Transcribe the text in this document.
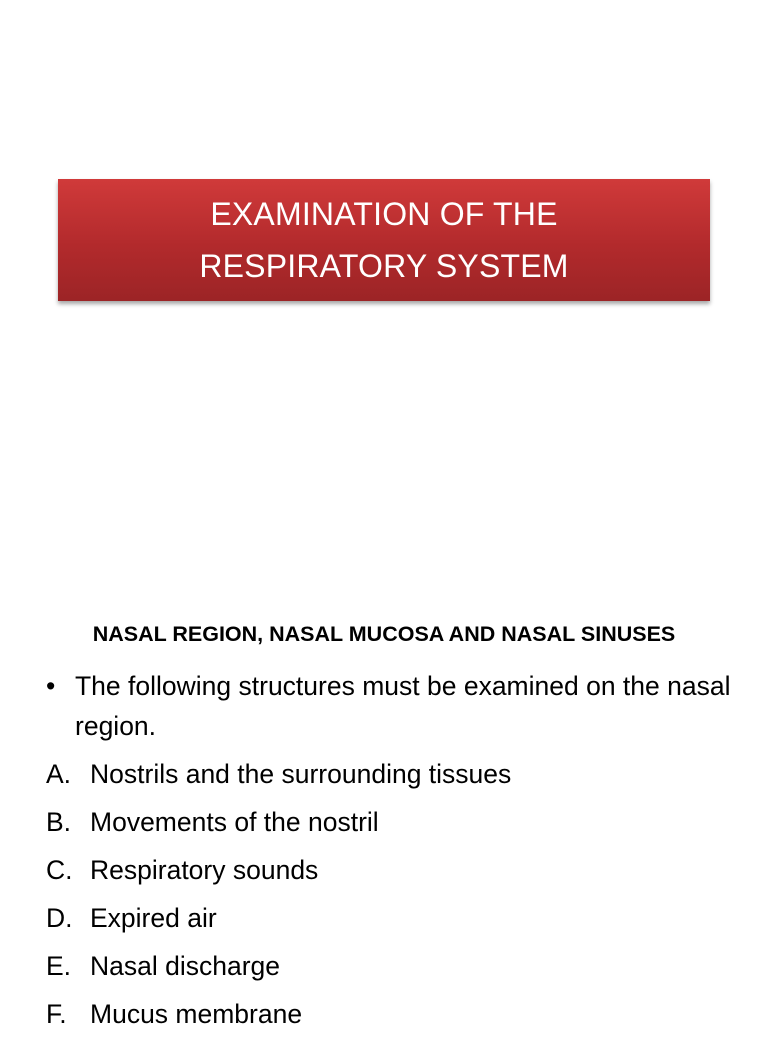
EXAMINATION OF THE
RESPIRATORY SYSTEM
NASAL REGION, NASAL MUCOSA AND NASAL SINUSES
• The following structures must be examined on the nasal region.
A. Nostrils and the surrounding tissues
B. Movements of the nostril
C. Respiratory sounds
D. Expired air
E. Nasal discharge
F. Mucus membrane
